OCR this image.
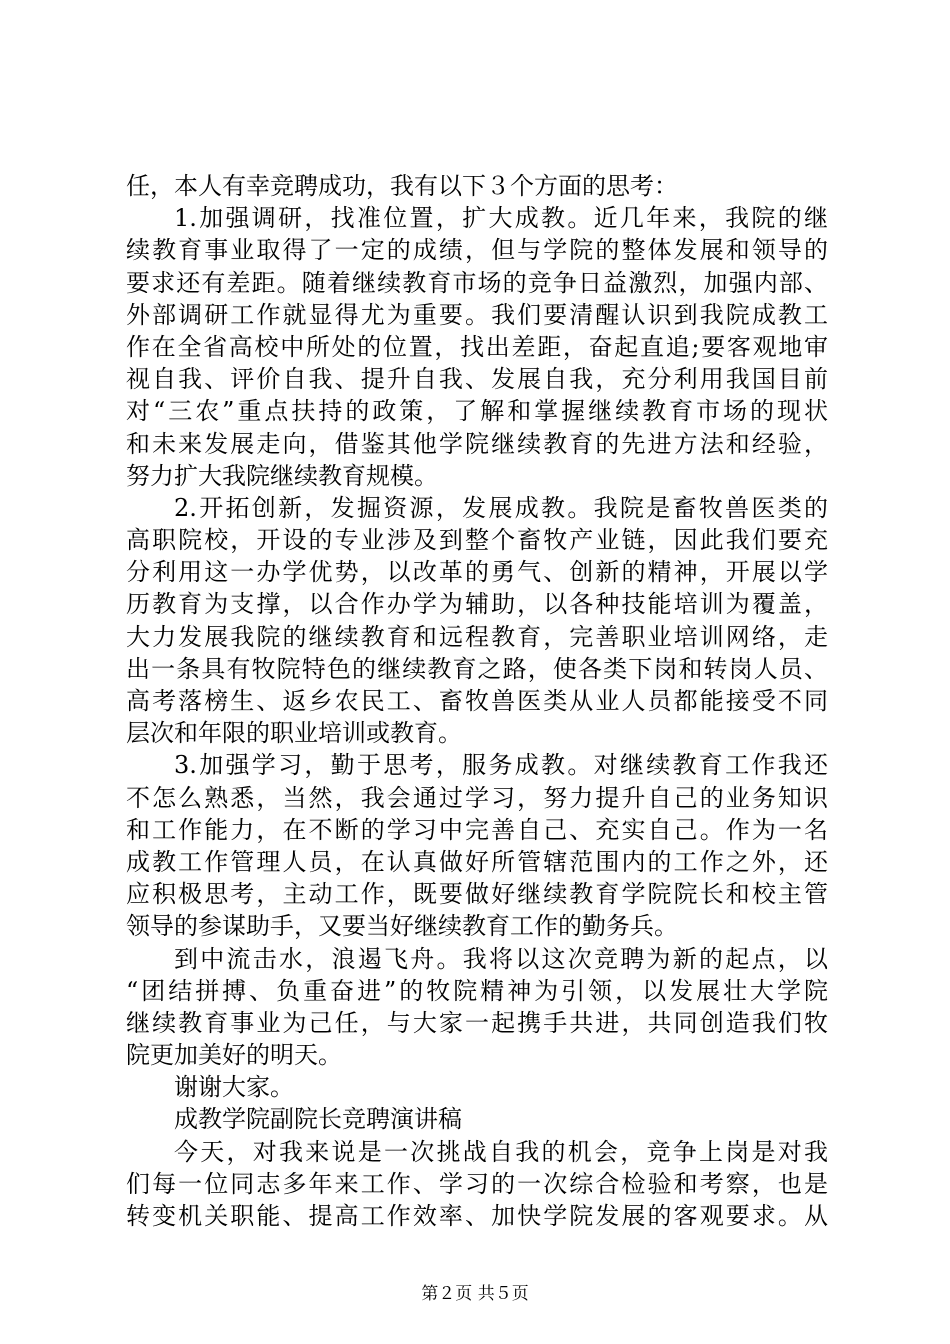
任，本人有幸竞聘成功，我有以下３个方面的思考：
1.加强调研，找准位置，扩大成教。近几年来，我院的继
续教育事业取得了一定的成绩，但与学院的整体发展和领导的
要求还有差距。随着继续教育市场的竞争日益激烈，加强内部、
外部调研工作就显得尤为重要。我们要清醒认识到我院成教工
作在全省高校中所处的位置，找出差距，奋起直追;要客观地审
视自我、评价自我、提升自我、发展自我，充分利用我国目前
对“三农”重点扶持的政策，了解和掌握继续教育市场的现状
和未来发展走向，借鉴其他学院继续教育的先进方法和经验，
努力扩大我院继续教育规模。
2.开拓创新，发掘资源，发展成教。我院是畜牧兽医类的
高职院校，开设的专业涉及到整个畜牧产业链，因此我们要充
分利用这一办学优势，以改革的勇气、创新的精神，开展以学
历教育为支撑，以合作办学为辅助，以各种技能培训为覆盖，
大力发展我院的继续教育和远程教育，完善职业培训网络，走
出一条具有牧院特色的继续教育之路，使各类下岗和转岗人员、
高考落榜生、返乡农民工、畜牧兽医类从业人员都能接受不同
层次和年限的职业培训或教育。
3.加强学习，勤于思考，服务成教。对继续教育工作我还
不怎么熟悉，当然，我会通过学习，努力提升自己的业务知识
和工作能力，在不断的学习中完善自己、充实自己。作为一名
成教工作管理人员，在认真做好所管辖范围内的工作之外，还
应积极思考，主动工作，既要做好继续教育学院院长和校主管
领导的参谋助手，又要当好继续教育工作的勤务兵。
到中流击水，浪遏飞舟。我将以这次竞聘为新的起点，以
“团结拼搏、负重奋进”的牧院精神为引领，以发展壮大学院
继续教育事业为己任，与大家一起携手共进，共同创造我们牧
院更加美好的明天。
谢谢大家。
成教学院副院长竞聘演讲稿
今天，对我来说是一次挑战自我的机会，竞争上岗是对我
们每一位同志多年来工作、学习的一次综合检验和考察，也是
转变机关职能、提高工作效率、加快学院发展的客观要求。从
第２页 共５页
